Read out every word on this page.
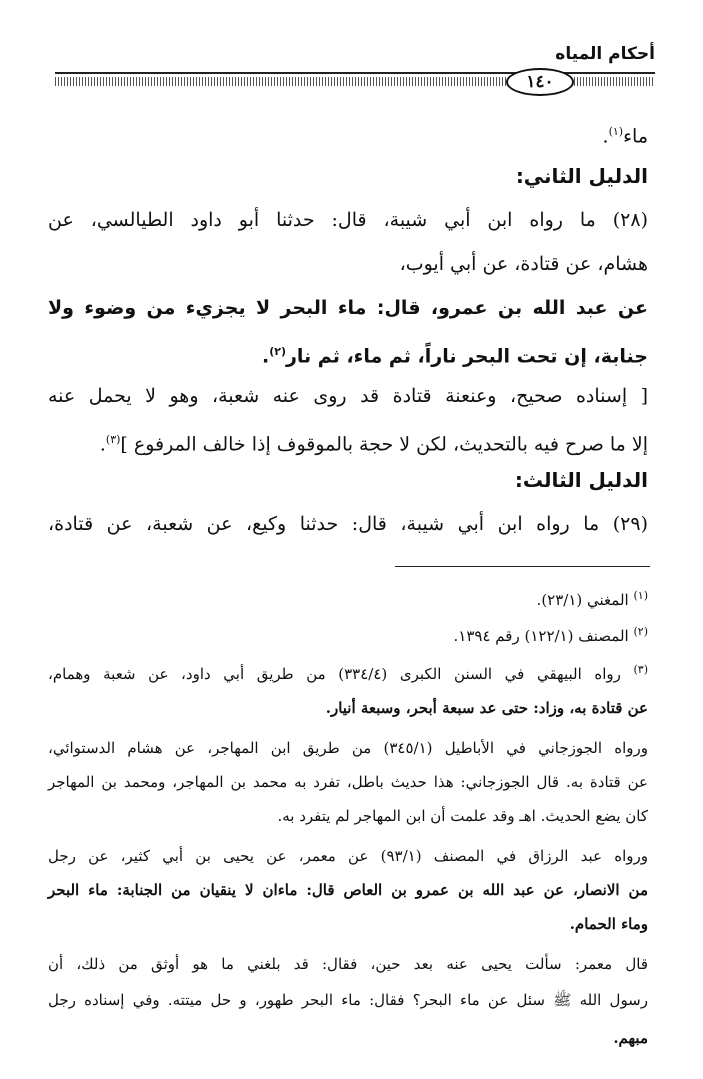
أحكام المياه
١٤٠
ماء$^{(١)}$.
الدليل الثاني:
(٢٨) ما رواه ابن أبي شيبة، قال: حدثنا أبو داود الطيالسي، عن
هشام، عن قتادة، عن أبي أيوب،
عن عبد الله بن عمرو، قال: ماء البحر لا يجزيء من وضوء ولا
جنابة، إن تحت البحر ناراً، ثم ماء، ثم نار$^{(٢)}$.
[ إسناده صحيح، وعنعنة قتادة قد روى عنه شعبة، وهو لا يحمل عنه
إلا ما صرح فيه بالتحديث، لكن لا حجة بالموقوف إذا خالف المرفوع ]$^{(٣)}$.
الدليل الثالث:
(٢٩) ما رواه ابن أبي شيبة، قال: حدثنا وكيع، عن شعبة، عن قتادة،
$^{(١)}$ المغني (٢٣/١).
$^{(٢)}$ المصنف (١٢٢/١) رقم ١٣٩٤.
$^{(٣)}$ رواه البيهقي في السنن الكبرى (٣٣٤/٤) من طريق أبي داود، عن شعبة وهمام،
عن قتادة به، وزاد: حتى عد سبعة أبحر، وسبعة أنيار.
ورواه الجوزجاني في الأباطيل (٣٤٥/١) من طريق ابن المهاجر، عن هشام الدستوائي،
عن قتادة به. قال الجوزجاني: هذا حديث باطل، تفرد به محمد بن المهاجر، ومحمد بن المهاجر
كان يضع الحديث. اهـ وقد علمت أن ابن المهاجر لم يتفرد به.
ورواه عبد الرزاق في المصنف (٩٣/١) عن معمر، عن يحيى بن أبي كثير، عن رجل
من الانصار، عن عبد الله بن عمرو بن العاص قال: ماءان لا ينقيان من الجنابة: ماء البحر
وماء الحمام.
قال معمر: سألت يحيى عنه بعد حين، فقال: قد بلغني ما هو أوثق من ذلك، أن
رسول الله ﷺ سئل عن ماء البحر؟ فقال: ماء البحر طهور، و حل ميتته. وفي إسناده رجل
مبهم.
